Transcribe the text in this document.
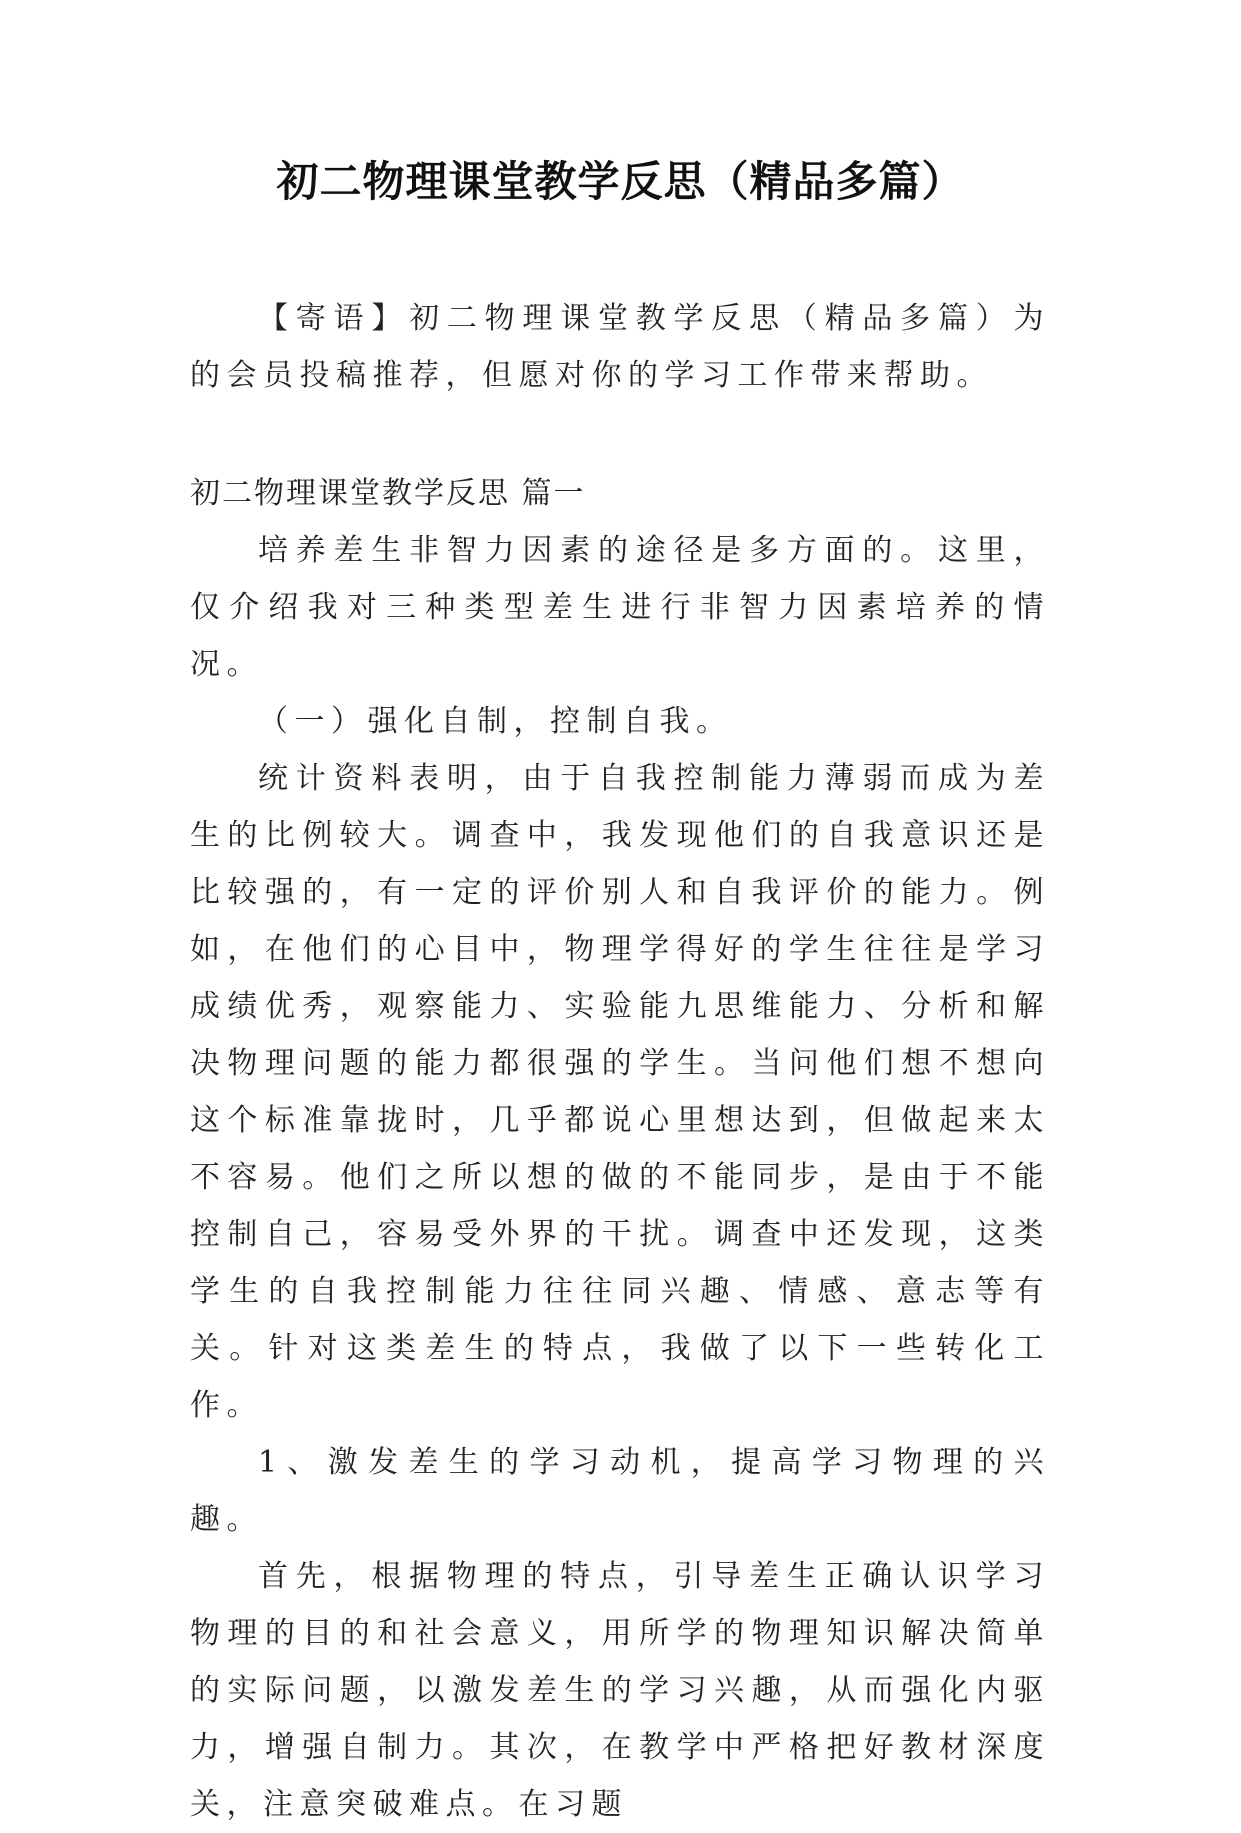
初二物理课堂教学反思（精品多篇）
【寄语】初二物理课堂教学反思（精品多篇）为的会员投稿推荐，但愿对你的学习工作带来帮助。
初二物理课堂教学反思 篇一

培养差生非智力因素的途径是多方面的。这里，仅介绍我对三种类型差生进行非智力因素培养的情况。

（一）强化自制，控制自我。

统计资料表明，由于自我控制能力薄弱而成为差生的比例较大。调查中，我发现他们的自我意识还是比较强的，有一定的评价别人和自我评价的能力。例如，在他们的心目中，物理学得好的学生往往是学习成绩优秀，观察能力、实验能九思维能力、分析和解决物理问题的能力都很强的学生。当问他们想不想向这个标准靠拢时，几乎都说心里想达到，但做起来太不容易。他们之所以想的做的不能同步，是由于不能控制自己，容易受外界的干扰。调查中还发现，这类学生的自我控制能力往往同兴趣、情感、意志等有关。针对这类差生的特点，我做了以下一些转化工作。

1、激发差生的学习动机，提高学习物理的兴趣。

首先，根据物理的特点，引导差生正确认识学习物理的目的和社会意义，用所学的物理知识解决简单的实际问题，以激发差生的学习兴趣，从而强化内驱力，增强自制力。其次，在教学中严格把好教材深度关，注意突破难点。在习题
